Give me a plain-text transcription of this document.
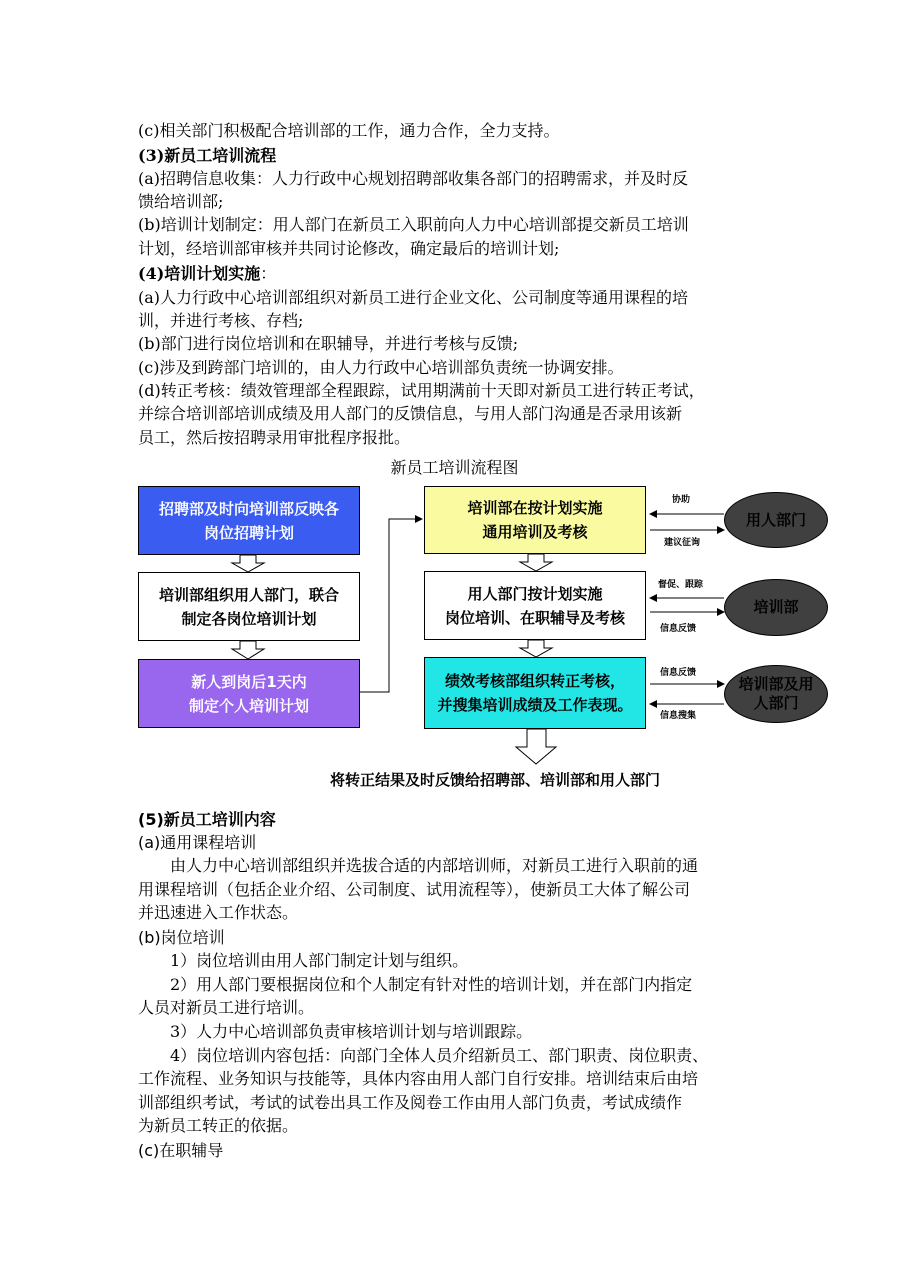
(c)相关部门积极配合培训部的工作，通力合作，全力支持。
(3)新员工培训流程
(a)招聘信息收集：人力行政中心规划招聘部收集各部门的招聘需求，并及时反
馈给培训部;
(b)培训计划制定：用人部门在新员工入职前向人力中心培训部提交新员工培训
计划，经培训部审核并共同讨论修改，确定最后的培训计划;
(4)培训计划实施：
(a)人力行政中心培训部组织对新员工进行企业文化、公司制度等通用课程的培
训，并进行考核、存档;
(b)部门进行岗位培训和在职辅导，并进行考核与反馈;
(c)涉及到跨部门培训的，由人力行政中心培训部负责统一协调安排。
(d)转正考核：绩效管理部全程跟踪，试用期满前十天即对新员工进行转正考试，
并综合培训部培训成绩及用人部门的反馈信息，与用人部门沟通是否录用该新
员工，然后按招聘录用审批程序报批。
新员工培训流程图
招聘部及时向培训部反映各
岗位招聘计划
培训部组织用人部门，联合
制定各岗位培训计划
新人到岗后1天内
制定个人培训计划
培训部在按计划实施
通用培训及考核
用人部门按计划实施
岗位培训、在职辅导及考核
绩效考核部组织转正考核，
并搜集培训成绩及工作表现。
用人部门
培训部
培训部及用
人部门
协助
建议征询
督促、跟踪
信息反馈
信息反馈
信息搜集
将转正结果及时反馈给招聘部、培训部和用人部门
(5)新员工培训内容
(a)通用课程培训
由人力中心培训部组织并选拔合适的内部培训师，对新员工进行入职前的通
用课程培训（包括企业介绍、公司制度、试用流程等），使新员工大体了解公司
并迅速进入工作状态。
(b)岗位培训
1）岗位培训由用人部门制定计划与组织。
2）用人部门要根据岗位和个人制定有针对性的培训计划，并在部门内指定
人员对新员工进行培训。
3）人力中心培训部负责审核培训计划与培训跟踪。
4）岗位培训内容包括：向部门全体人员介绍新员工、部门职责、岗位职责、
工作流程、业务知识与技能等，具体内容由用人部门自行安排。培训结束后由培
训部组织考试，考试的试卷出具工作及阅卷工作由用人部门负责，考试成绩作
为新员工转正的依据。
(c)在职辅导
